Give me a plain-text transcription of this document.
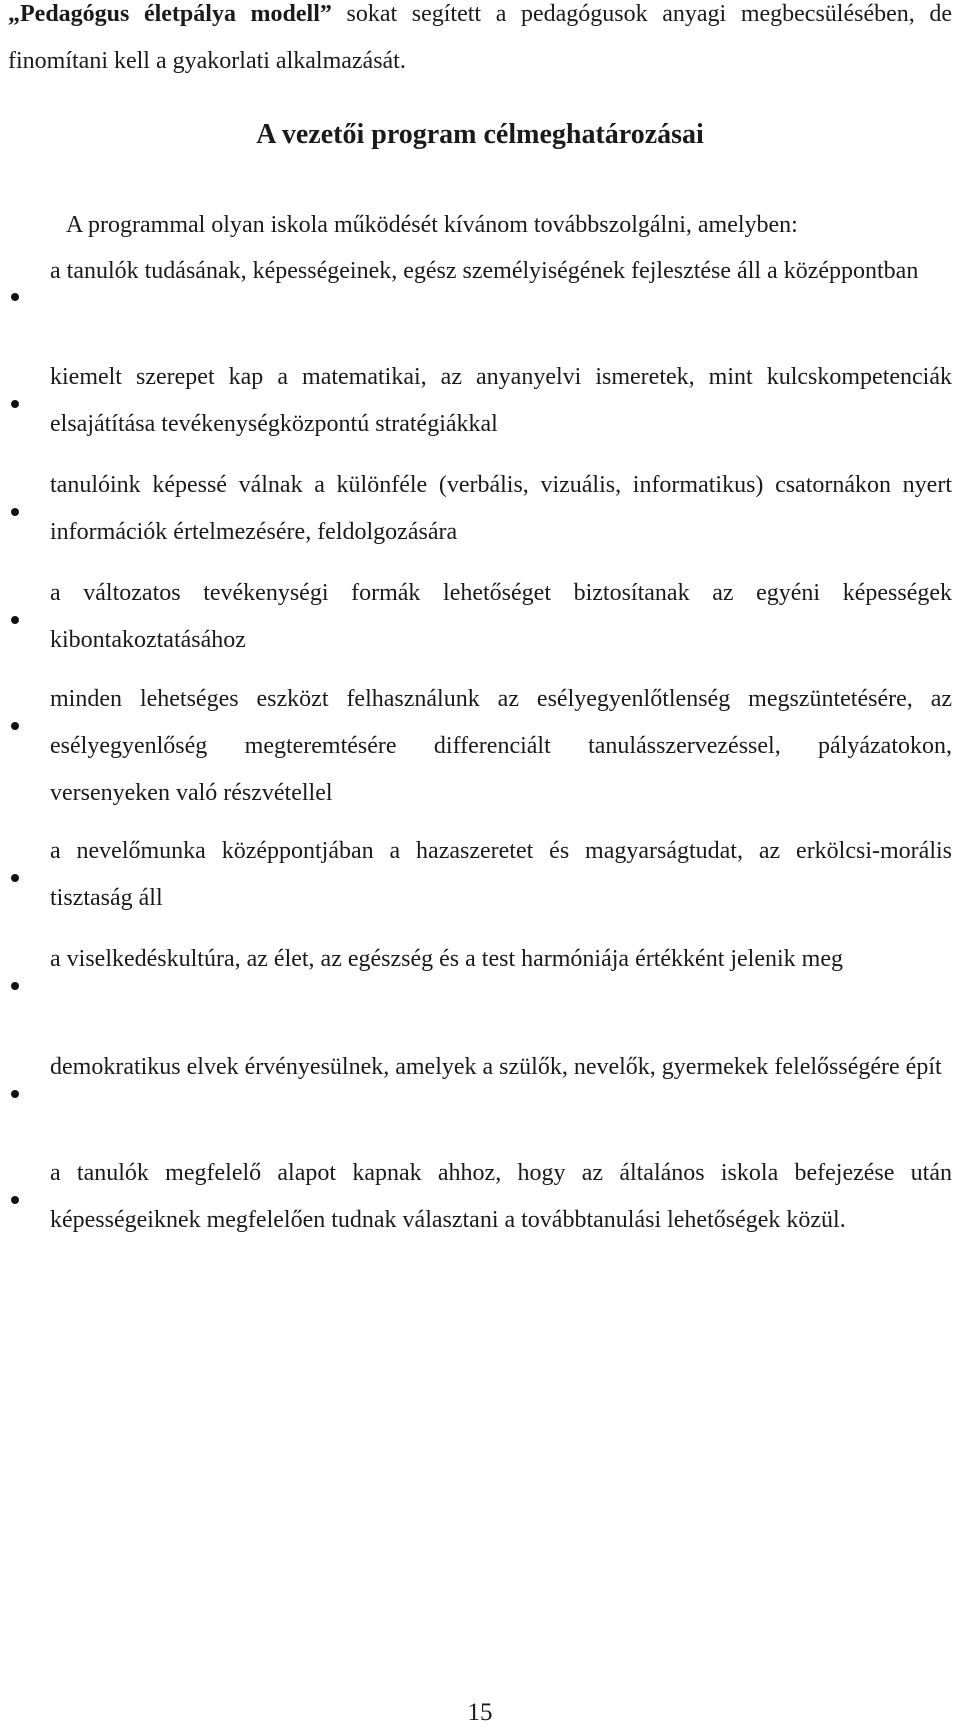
„Pedagógus életpálya modell” sokat segített a pedagógusok anyagi megbecsülésében, de finomítani kell a gyakorlati alkalmazását.

A vezetői program célmeghatározásai

A programmal olyan iskola működését kívánom továbbszolgálni, amelyben:

a tanulók tudásának, képességeinek, egész személyiségének fejlesztése áll a középpontban
kiemelt szerepet kap a matematikai, az anyanyelvi ismeretek, mint kulcskompetenciák elsajátítása tevékenységközpontú stratégiákkal
tanulóink képessé válnak a különféle (verbális, vizuális, informatikus) csatornákon nyert információk értelmezésére, feldolgozására
a változatos tevékenységi formák lehetőséget biztosítanak az egyéni képességek kibontakoztatásához
minden lehetséges eszközt felhasználunk az esélyegyenlőtlenség megszüntetésére, az esélyegyenlőség megteremtésére differenciált tanulásszervezéssel, pályázatokon, versenyeken való részvétellel
a nevelőmunka középpontjában a hazaszeretet és magyarságtudat, az erkölcsi-morális tisztaság áll
a viselkedéskultúra, az élet, az egészség és a test harmóniája értékként jelenik meg
demokratikus elvek érvényesülnek, amelyek a szülők, nevelők, gyermekek felelősségére épít
a tanulók megfelelő alapot kapnak ahhoz, hogy az általános iskola befejezése után képességeiknek megfelelően tudnak választani a továbbtanulási lehetőségek közül.

15
